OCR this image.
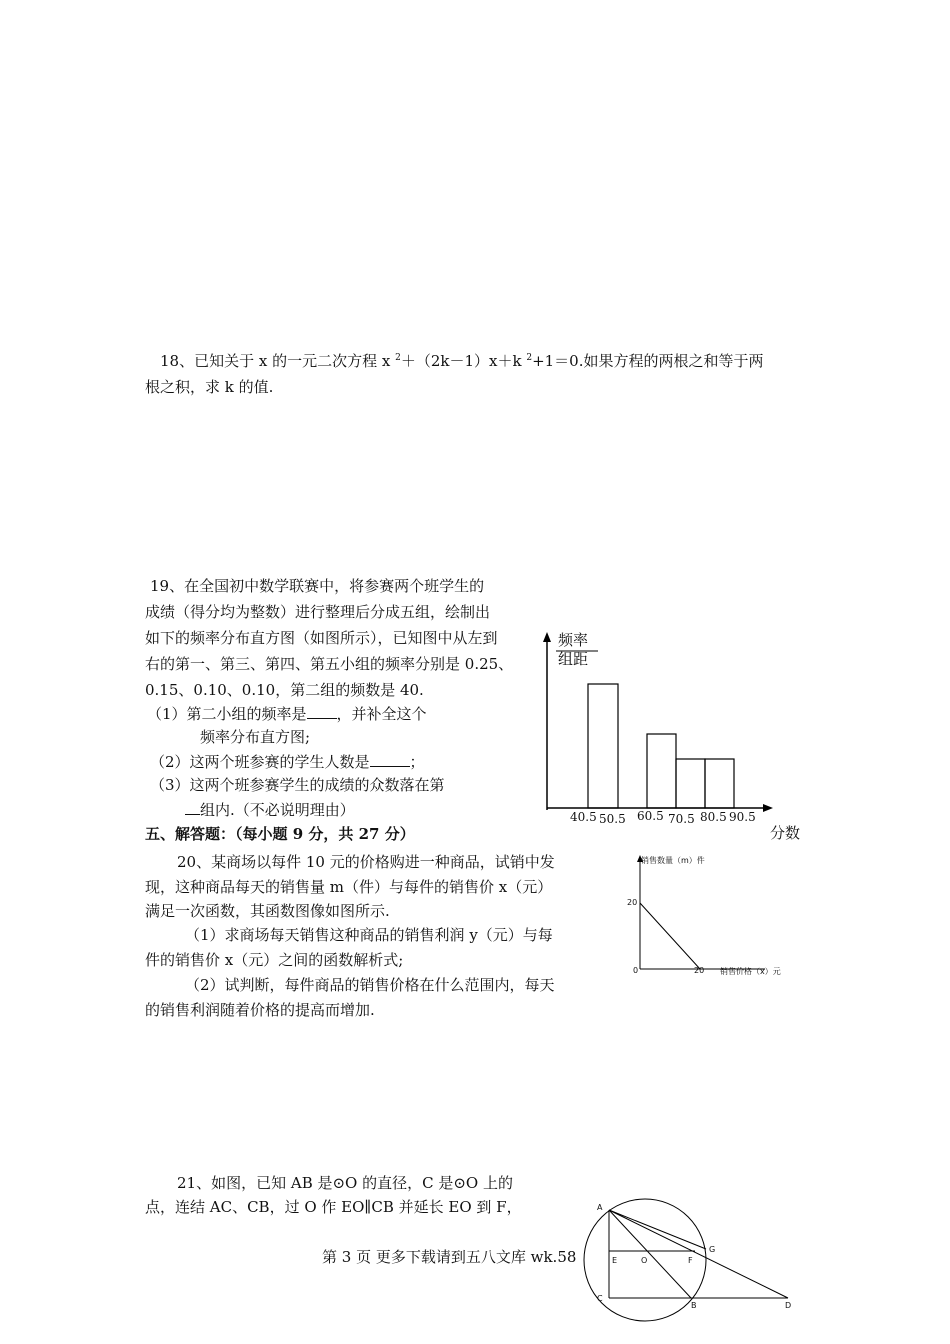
18、已知关于 x 的一元二次方程 x $^2$＋（2k－1）x＋k $^2$+1＝0.如果方程的两根之和等于两
根之积，求 k 的值.
19、在全国初中数学联赛中，将参赛两个班学生的
成绩（得分均为整数）进行整理后分成五组，绘制出
如下的频率分布直方图（如图所示），已知图中从左到
右的第一、第三、第四、第五小组的频率分别是 0.25、
0.15、0.10、0.10，第二组的频数是 40.
（1）第二小组的频率是 ，并补全这个
频率分布直方图;
（2）这两个班参赛的学生人数是	；
（3）这两个班参赛学生的成绩的众数落在第
组内.（不必说明理由）
频率
组距
40.5 50.5 60.5 70.5 80.5 90.5
分数
五、解答题：（每小题 9 分，共 27 分）
20、某商场以每件 10 元的价格购进一种商品，试销中发
现，这种商品每天的销售量 m（件）与每件的销售价 x（元）
满足一次函数，其函数图像如图所示.
（1）求商场每天销售这种商品的销售利润 y（元）与每
件的销售价 x（元）之间的函数解析式;
（2）试判断，每件商品的销售价格在什么范围内，每天
的销售利润随着价格的提高而增加.
销售数量（m）件
20
0	20 销售价格（x）元
21、如图，已知 AB 是⊙O 的直径，C 是⊙O 上的
点，连结 AC、CB，过 O 作 EO∥CB 并延长 EO 到 F，	A
E	O	F
G
C
B	D
第 3 页 更多下载请到五八文库 wk.58
